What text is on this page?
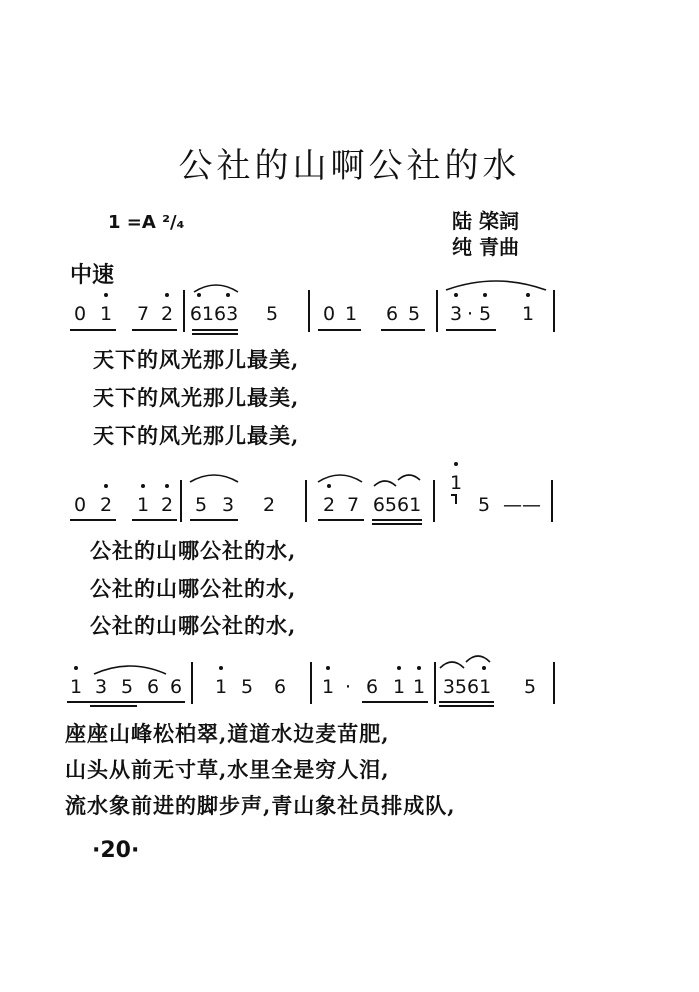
公社的山啊公社的水
1 =A ²/₄	陆 棨詞
纯 青曲
中速
0 1 7 2 6163 5 0 1 6 5 3 · 5 1
天下的风光那儿最美,
天下的风光那儿最美,
天下的风光那儿最美,
0 2 1 2 5 3 2	2 7 6561
1
5 ——
公社的山哪公社的水,
公社的山哪公社的水,
公社的山哪公社的水,
1 3 5 6 6 1 5 6 1 · 6 1 1 3561 5
座座山峰松柏翠,道道水边麦苗肥,
山头从前无寸草,水里全是穷人泪,
流水象前进的脚步声,青山象社员排成队,
·20·
